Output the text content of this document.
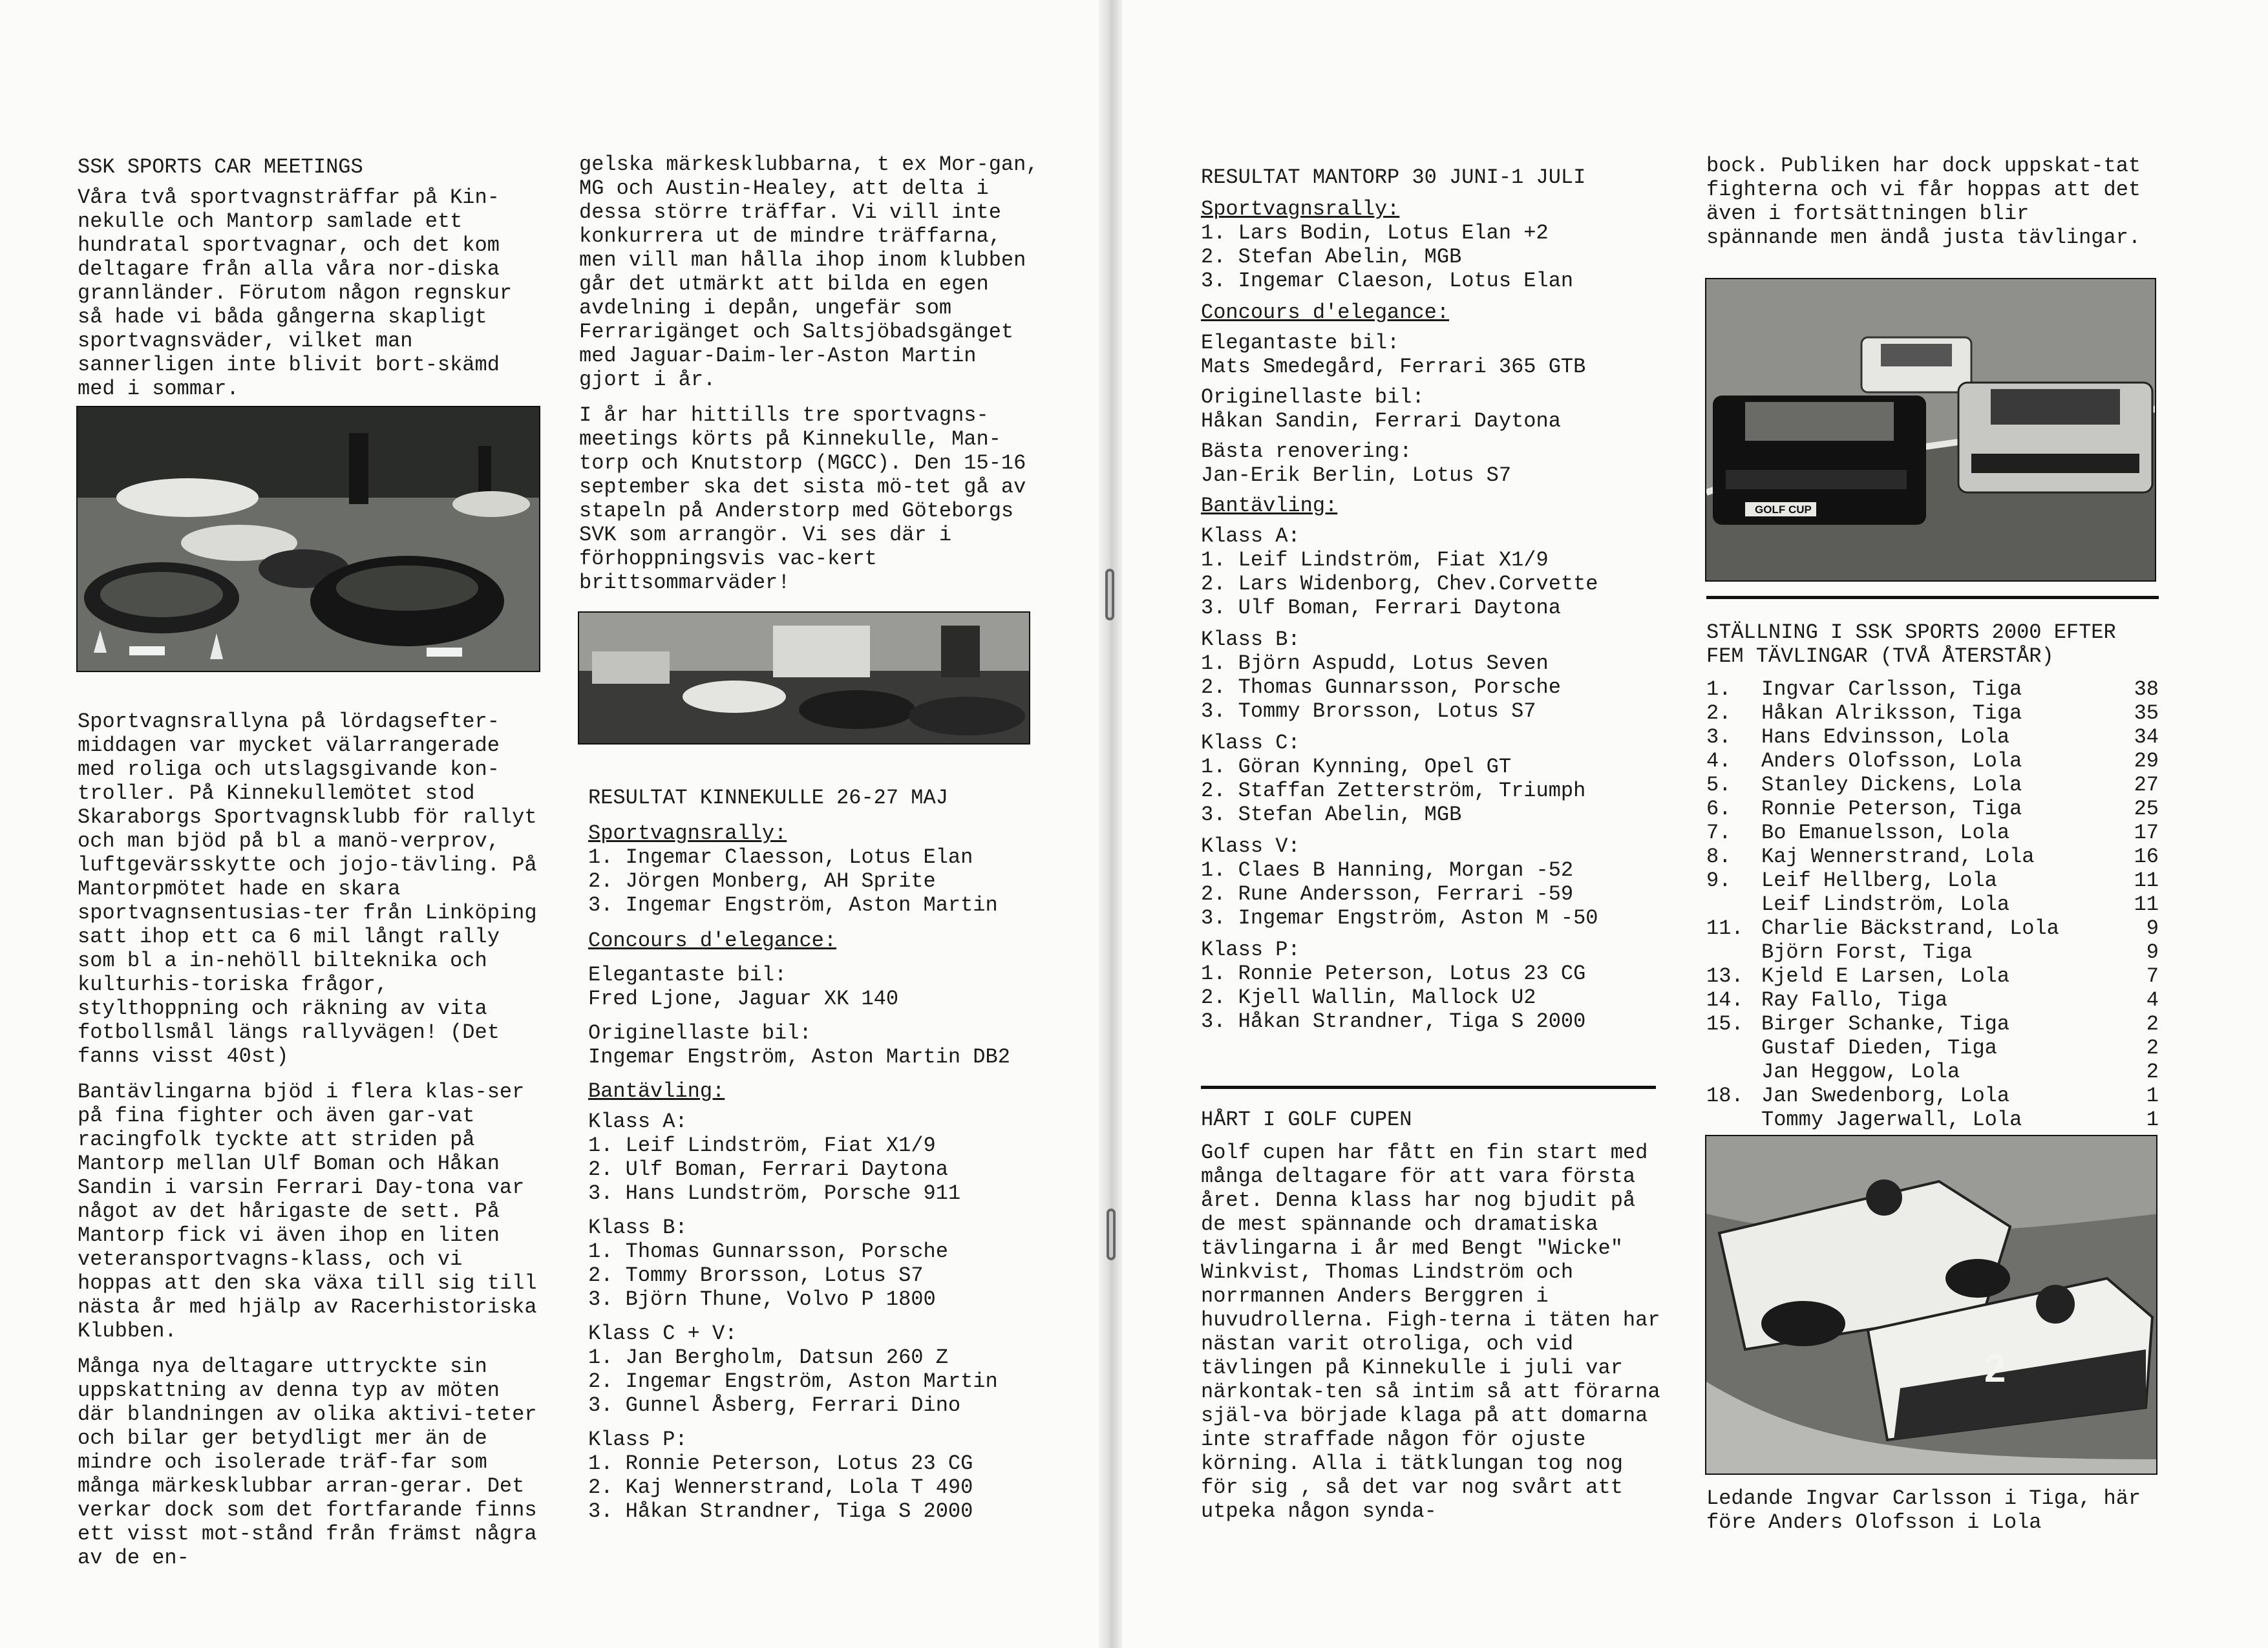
SSK SPORTS CAR MEETINGS

Våra två sportvagnsträffar på Kin-nekulle och Mantorp samlade ett hundratal sportvagnar, och det kom deltagare från alla våra nor-diska grannländer. Förutom någon regnskur så hade vi båda gångerna skapligt sportvagnsväder, vilket man sannerligen inte blivit bort-skämd med i sommar.

Sportvagnsrallyna på lördagsefter-middagen var mycket välarrangerade med roliga och utslagsgivande kon-troller. På Kinnekullemötet stod Skaraborgs Sportvagnsklubb för rallyt och man bjöd på bl a manö-verprov, luftgevärsskytte och jojo-tävling. På Mantorpmötet hade en skara sportvagnsentusias-ter från Linköping satt ihop ett ca 6 mil långt rally som bl a in-nehöll bilteknika och kulturhis-toriska frågor, stylthoppning och räkning av vita fotbollsmål längs rallyvägen! (Det fanns visst 40st)

Bantävlingarna bjöd i flera klas-ser på fina fighter och även gar-vat racingfolk tyckte att striden på Mantorp mellan Ulf Boman och Håkan Sandin i varsin Ferrari Day-tona var något av det hårigaste de sett. På Mantorp fick vi även ihop en liten veteransportvagns-klass, och vi hoppas att den ska växa till sig till nästa år med hjälp av Racerhistoriska Klubben.

Många nya deltagare uttryckte sin uppskattning av denna typ av möten där blandningen av olika aktivi-teter och bilar ger betydligt mer än de mindre och isolerade träf-far som många märkesklubbar arran-gerar. Det verkar dock som det fortfarande finns ett visst mot-stånd från främst några av de en-

gelska märkesklubbarna, t ex Mor-gan, MG och Austin-Healey, att delta i dessa större träffar. Vi vill inte konkurrera ut de mindre träffarna, men vill man hålla ihop inom klubben går det utmärkt att bilda en egen avdelning i depån, ungefär som Ferrarigänget och Saltsjöbadsgänget med Jaguar-Daim-ler-Aston Martin gjort i år.

I år har hittills tre sportvagns-meetings körts på Kinnekulle, Man-torp och Knutstorp (MGCC). Den 15-16 september ska det sista mö-tet gå av stapeln på Anderstorp med Göteborgs SVK som arrangör. Vi ses där i förhoppningsvis vac-kert brittsommarväder!

RESULTAT KINNEKULLE 26-27 MAJ

Sportvagnsrally:
1. Ingemar Claesson, Lotus Elan
2. Jörgen Monberg, AH Sprite
3. Ingemar Engström, Aston Martin
Concours d'elegance:
Elegantaste bil:
Fred Ljone, Jaguar XK 140
Originellaste bil:
Ingemar Engström, Aston Martin DB2
Bantävling:
Klass A:
1. Leif Lindström, Fiat X1/9
2. Ulf Boman, Ferrari Daytona
3. Hans Lundström, Porsche 911
Klass B:
1. Thomas Gunnarsson, Porsche
2. Tommy Brorsson, Lotus S7
3. Björn Thune, Volvo P 1800
Klass C + V:
1. Jan Bergholm, Datsun 260 Z
2. Ingemar Engström, Aston Martin
3. Gunnel Åsberg, Ferrari Dino
Klass P:
1. Ronnie Peterson, Lotus 23 CG
2. Kaj Wennerstrand, Lola T 490
3. Håkan Strandner, Tiga S 2000

RESULTAT MANTORP 30 JUNI-1 JULI

Sportvagnsrally:
1. Lars Bodin, Lotus Elan +2
2. Stefan Abelin, MGB
3. Ingemar Claeson, Lotus Elan
Concours d'elegance:
Elegantaste bil:
Mats Smedegård, Ferrari 365 GTB
Originellaste bil:
Håkan Sandin, Ferrari Daytona
Bästa renovering:
Jan-Erik Berlin, Lotus S7
Bantävling:
Klass A:
1. Leif Lindström, Fiat X1/9
2. Lars Widenborg, Chev.Corvette
3. Ulf Boman, Ferrari Daytona
Klass B:
1. Björn Aspudd, Lotus Seven
2. Thomas Gunnarsson, Porsche
3. Tommy Brorsson, Lotus S7
Klass C:
1. Göran Kynning, Opel GT
2. Staffan Zetterström, Triumph
3. Stefan Abelin, MGB
Klass V:
1. Claes B Hanning, Morgan -52
2. Rune Andersson, Ferrari -59
3. Ingemar Engström, Aston M -50
Klass P:
1. Ronnie Peterson, Lotus 23 CG
2. Kjell Wallin, Mallock U2
3. Håkan Strandner, Tiga S 2000

HÅRT I GOLF CUPEN

Golf cupen har fått en fin start med många deltagare för att vara första året. Denna klass har nog bjudit på de mest spännande och dramatiska tävlingarna i år med Bengt "Wicke" Winkvist, Thomas Lindström och norrmannen Anders Berggren i huvudrollerna. Figh-terna i täten har nästan varit otroliga, och vid tävlingen på Kinnekulle i juli var närkontak-ten så intim så att förarna själ-va började klaga på att domarna inte straffade någon för ojuste körning. Alla i tätklungan tog nog för sig , så det var nog svårt att utpeka någon synda-

bock. Publiken har dock uppskat-tat fighterna och vi får hoppas att det även i fortsättningen blir spännande men ändå justa tävlingar.

GOLF CUP

STÄLLNING I SSK SPORTS 2000 EFTER FEM TÄVLINGAR (TVÅ ÅTERSTÅR)

1. Ingvar Carlsson, Tiga	38
2. Håkan Alriksson, Tiga	35
3. Hans Edvinsson, Lola	34
4. Anders Olofsson, Lola	29
5. Stanley Dickens, Lola	27
6. Ronnie Peterson, Tiga	25
7. Bo Emanuelsson, Lola	17
8. Kaj Wennerstrand, Lola	16
9. Leif Hellberg, Lola	11
Leif Lindström, Lola	11
11. Charlie Bäckstrand, Lola	9
Björn Forst, Tiga	9
13. Kjeld E Larsen, Lola	7
14. Ray Fallo, Tiga	4
15. Birger Schanke, Tiga	2
Gustaf Dieden, Tiga	2
Jan Heggow, Lola	2
18. Jan Swedenborg, Lola	1
Tommy Jagerwall, Lola	1
2
Ledande Ingvar Carlsson i Tiga, här före Anders Olofsson i Lola
